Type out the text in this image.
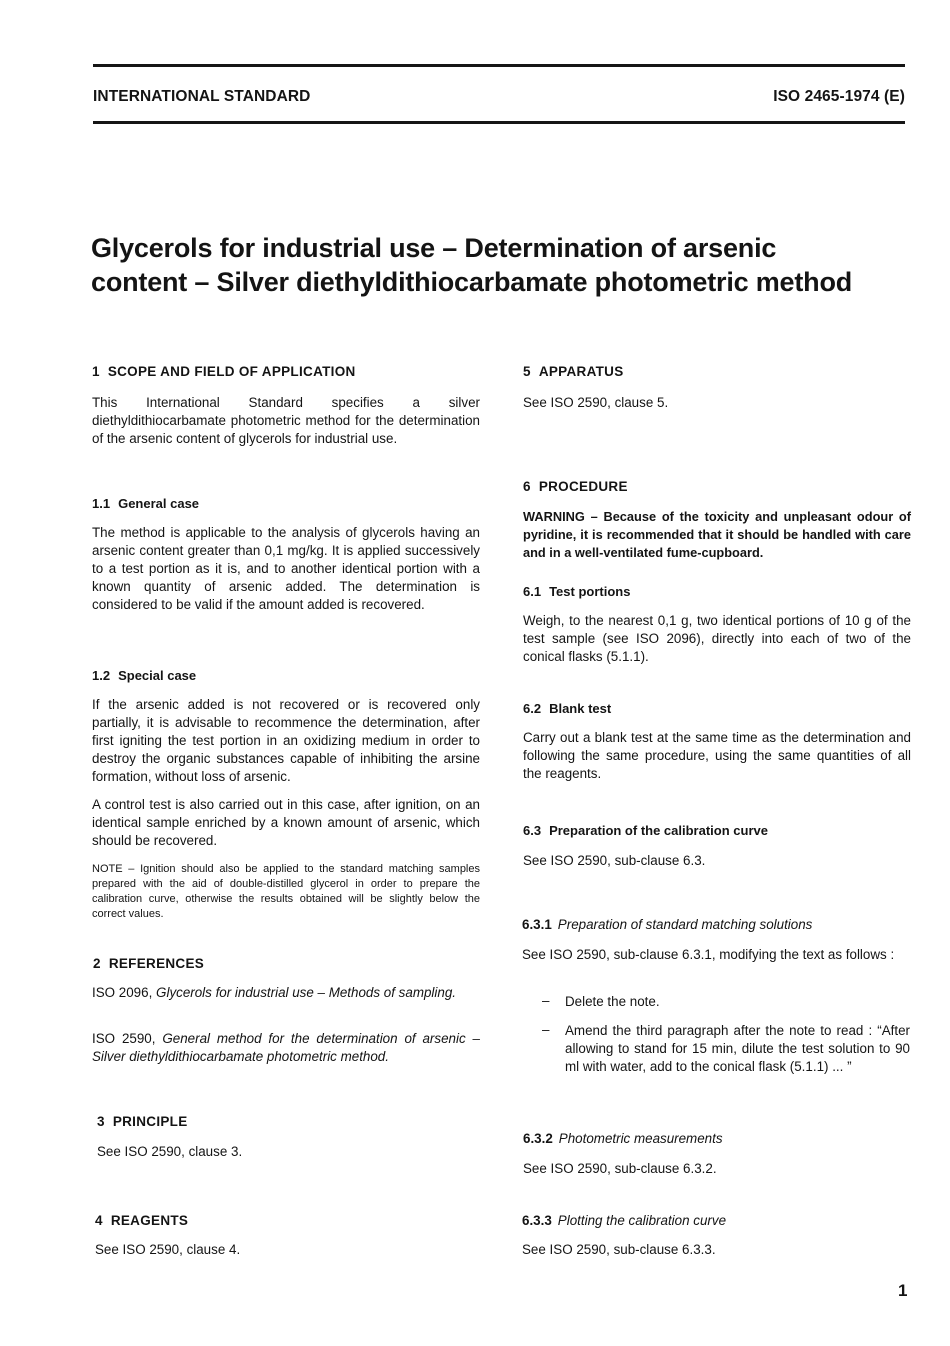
INTERNATIONAL STANDARD	ISO 2465-1974 (E)
Glycerols for industrial use – Determination of arsenic
content – Silver diethyldithiocarbamate photometric method
1 SCOPE AND FIELD OF APPLICATION
This International Standard specifies a silver diethyldithiocarbamate photometric method for the determination of the arsenic content of glycerols for industrial use.
1.1 General case
The method is applicable to the analysis of glycerols having an arsenic content greater than 0,1 mg/kg. It is applied successively to a test portion as it is, and to another identical portion with a known quantity of arsenic added. The determination is considered to be valid if the amount added is recovered.
1.2 Special case
If the arsenic added is not recovered or is recovered only partially, it is advisable to recommence the determination, after first igniting the test portion in an oxidizing medium in order to destroy the organic substances capable of inhibiting the arsine formation, without loss of arsenic.
A control test is also carried out in this case, after ignition, on an identical sample enriched by a known amount of arsenic, which should be recovered.
NOTE – Ignition should also be applied to the standard matching samples prepared with the aid of double-distilled glycerol in order to prepare the calibration curve, otherwise the results obtained will be slightly below the correct values.
2 REFERENCES
ISO 2096, Glycerols for industrial use – Methods of sampling.
ISO 2590, General method for the determination of arsenic – Silver diethyldithiocarbamate photometric method.
3 PRINCIPLE
See ISO 2590, clause 3.
4 REAGENTS
See ISO 2590, clause 4.
5 APPARATUS
See ISO 2590, clause 5.
6 PROCEDURE
WARNING – Because of the toxicity and unpleasant odour of pyridine, it is recommended that it should be handled with care and in a well-ventilated fume-cupboard.
6.1 Test portions
Weigh, to the nearest 0,1 g, two identical portions of 10 g of the test sample (see ISO 2096), directly into each of two of the conical flasks (5.1.1).
6.2 Blank test
Carry out a blank test at the same time as the determination and following the same procedure, using the same quantities of all the reagents.
6.3 Preparation of the calibration curve
See ISO 2590, sub-clause 6.3.
6.3.1 Preparation of standard matching solutions
See ISO 2590, sub-clause 6.3.1, modifying the text as follows :
– Delete the note.
– Amend the third paragraph after the note to read : “After allowing to stand for 15 min, dilute the test solution to 90 ml with water, add to the conical flask (5.1.1) ... ”
6.3.2 Photometric measurements
See ISO 2590, sub-clause 6.3.2.
6.3.3 Plotting the calibration curve
See ISO 2590, sub-clause 6.3.3.
1
